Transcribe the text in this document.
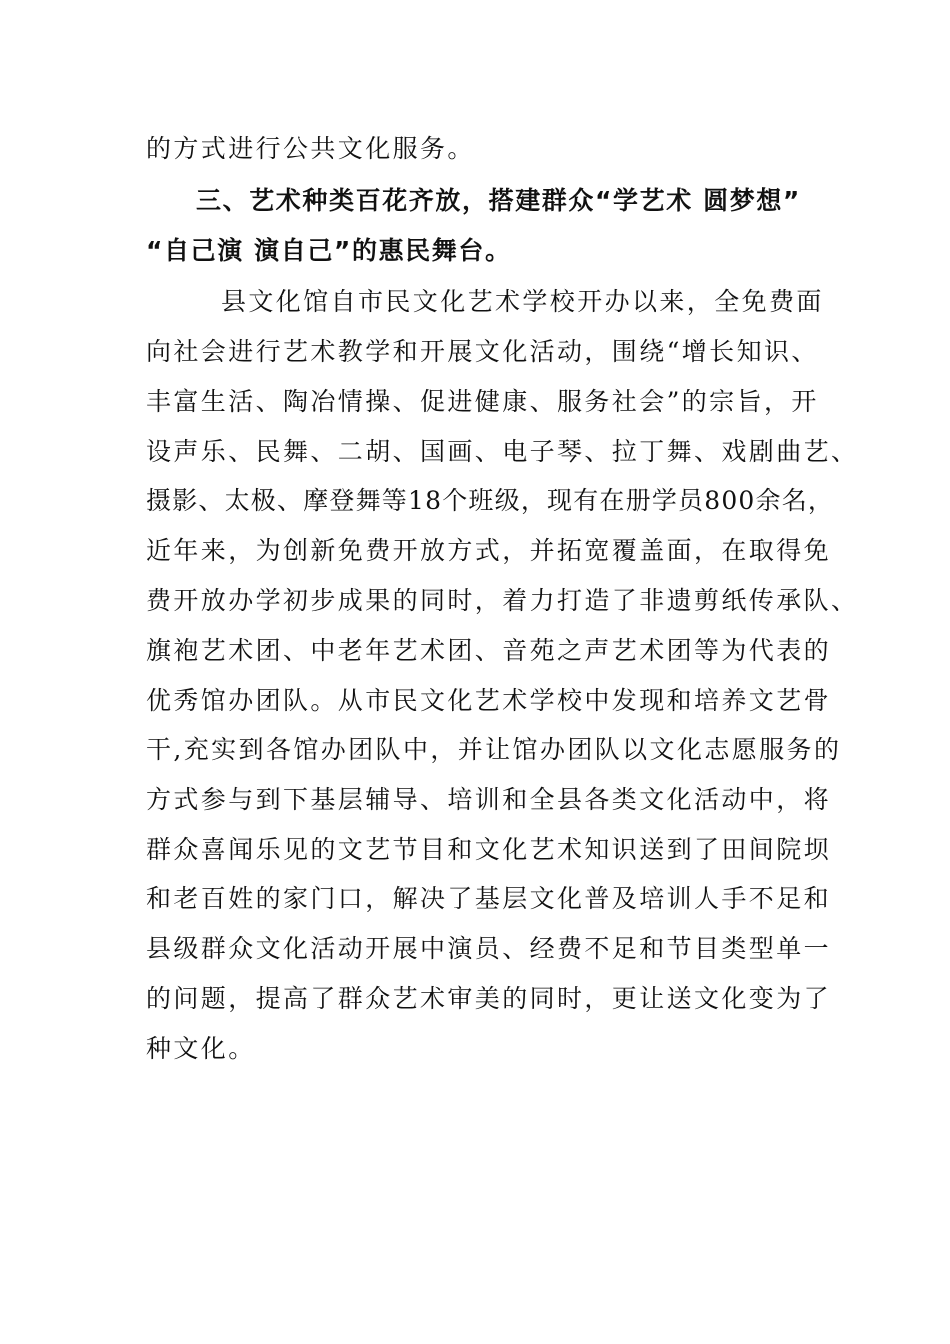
的方式进行公共文化服务。
三、艺术种类百花齐放，搭建群众“学艺术 圆梦想”
“自己演 演自己”的惠民舞台。
县文化馆自市民文化艺术学校开办以来，全免费面
向社会进行艺术教学和开展文化活动，围绕“增长知识、
丰富生活、陶冶情操、促进健康、服务社会”的宗旨，开
设声乐、民舞、二胡、国画、电子琴、拉丁舞、戏剧曲艺、
摄影、太极、摩登舞等18个班级，现有在册学员800余名，
近年来，为创新免费开放方式，并拓宽覆盖面，在取得免
费开放办学初步成果的同时，着力打造了非遗剪纸传承队、
旗袍艺术团、中老年艺术团、音苑之声艺术团等为代表的
优秀馆办团队。从市民文化艺术学校中发现和培养文艺骨
干,充实到各馆办团队中，并让馆办团队以文化志愿服务的
方式参与到下基层辅导、培训和全县各类文化活动中，将
群众喜闻乐见的文艺节目和文化艺术知识送到了田间院坝
和老百姓的家门口，解决了基层文化普及培训人手不足和
县级群众文化活动开展中演员、经费不足和节目类型单一
的问题，提高了群众艺术审美的同时，更让送文化变为了
种文化。
